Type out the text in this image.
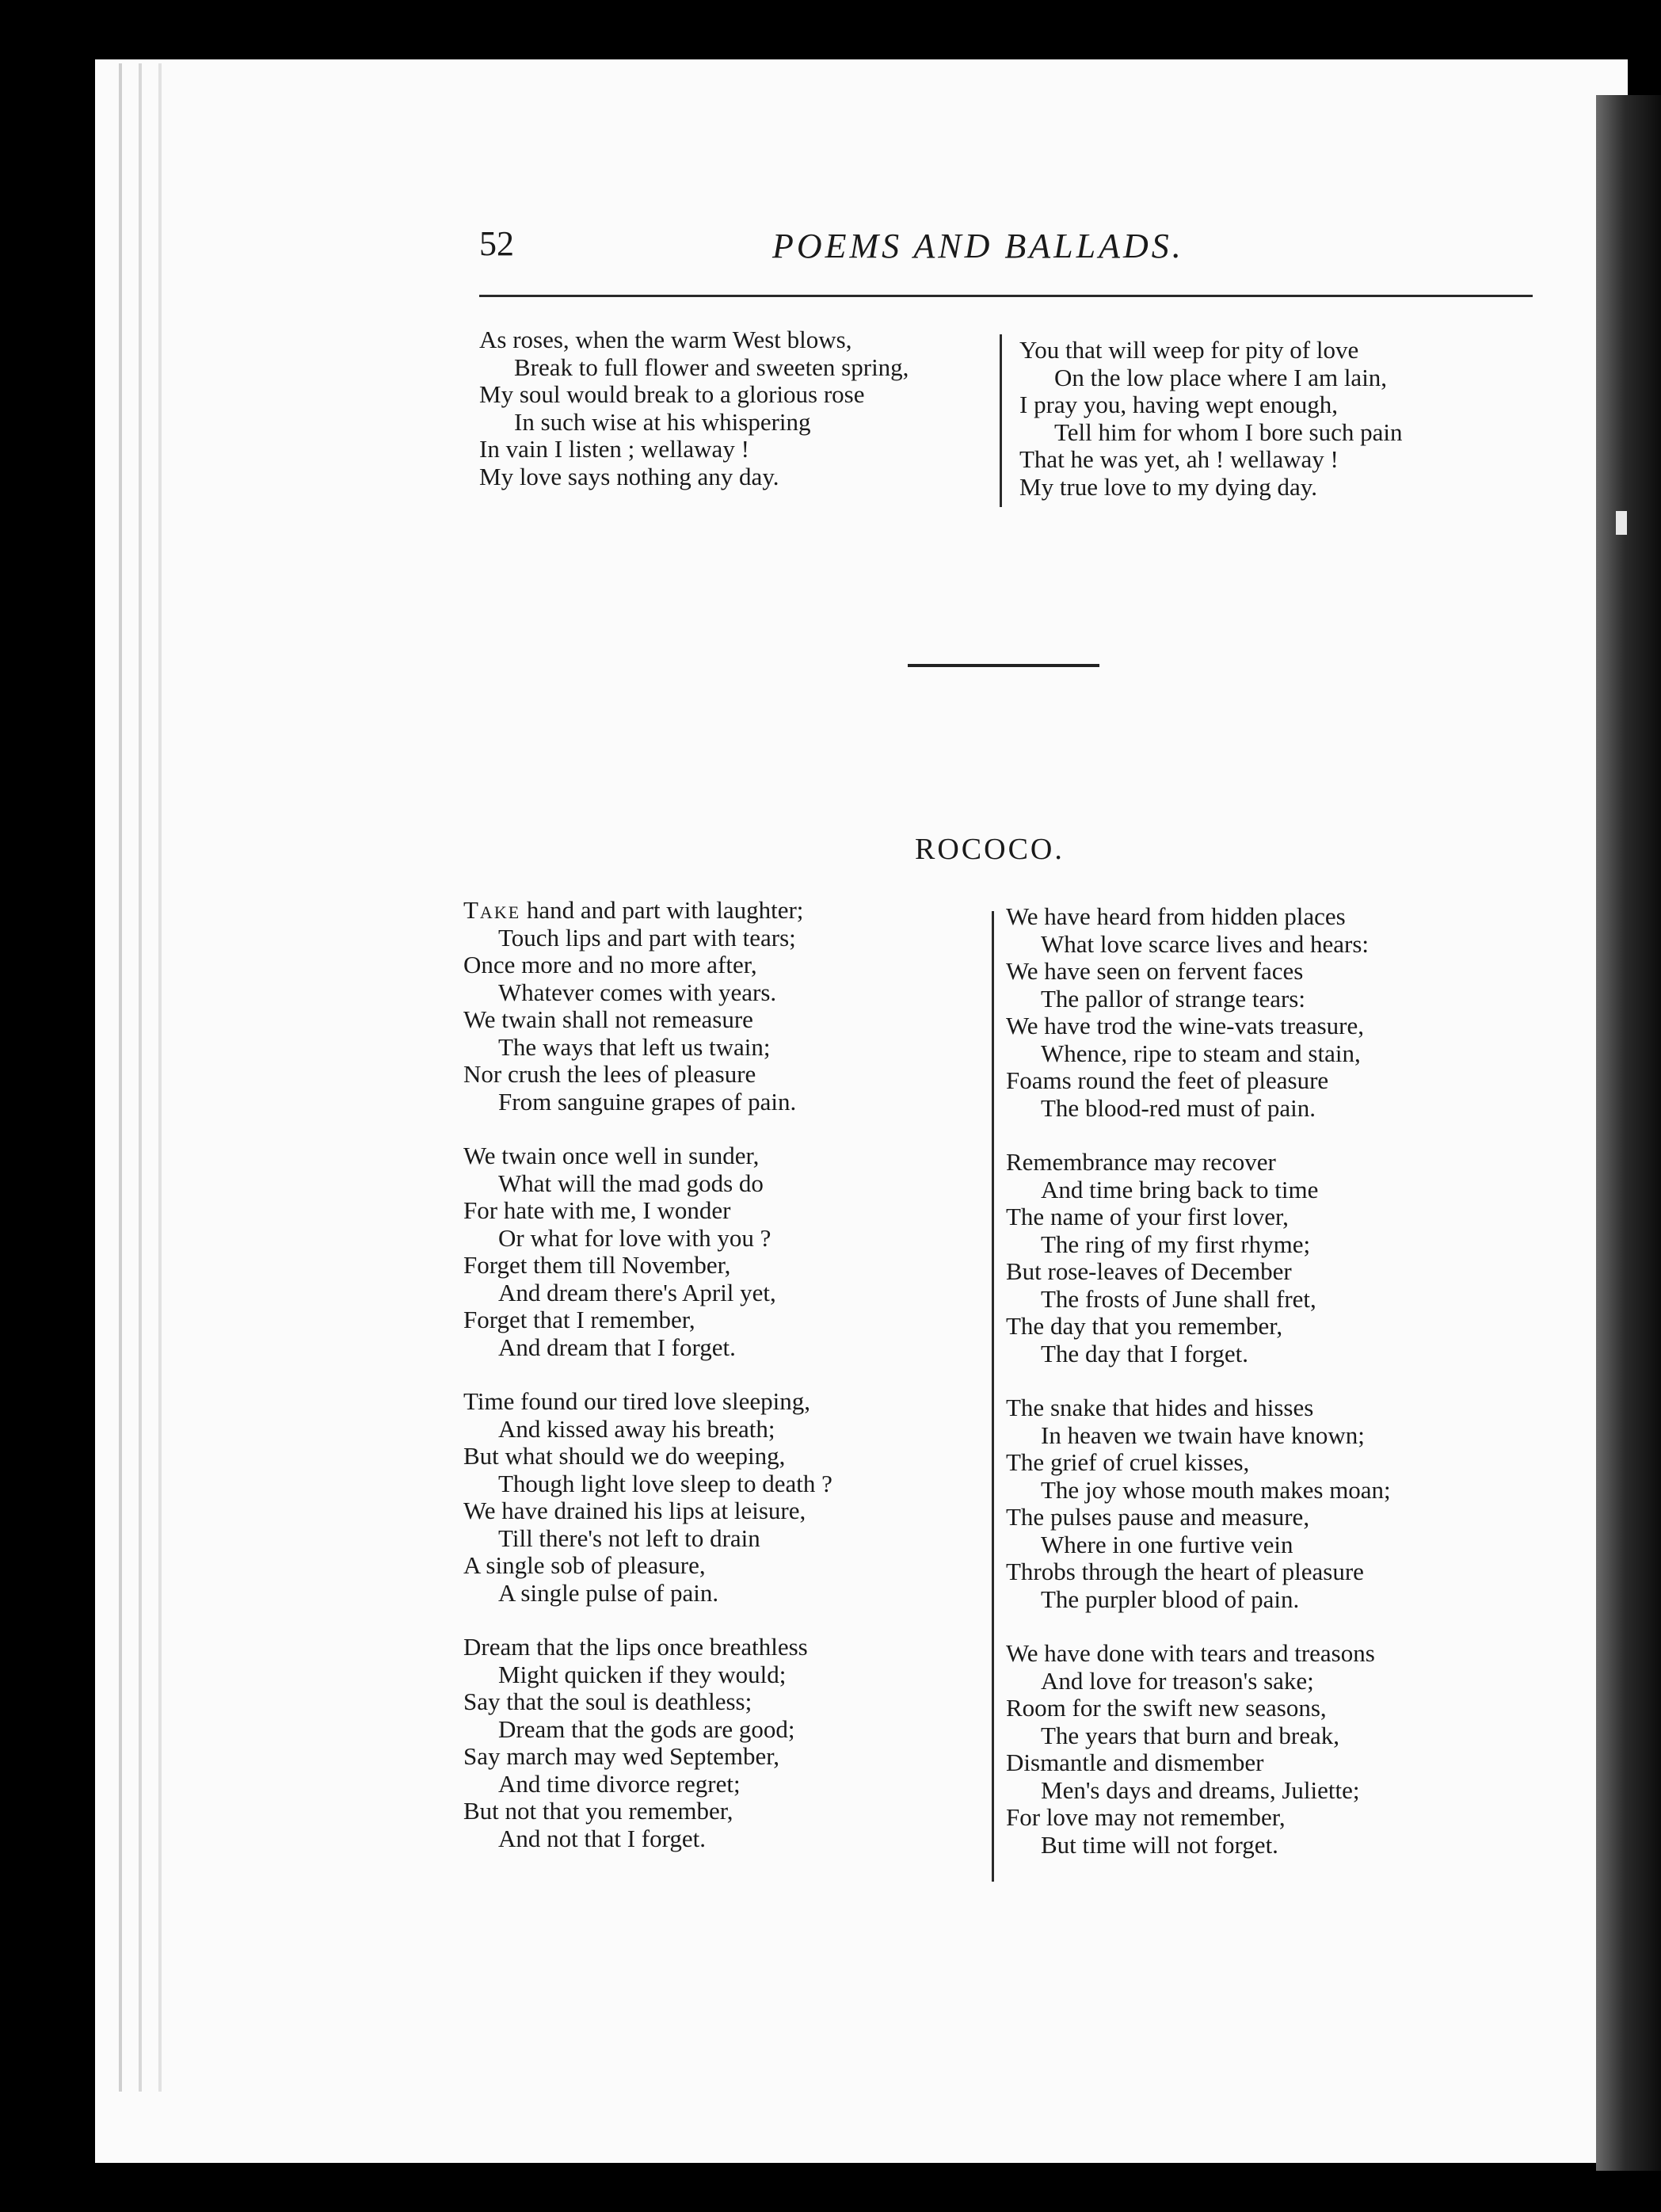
52	POEMS AND BALLADS.
As roses, when the warm West blows,
Break to full flower and sweeten spring,
My soul would break to a glorious rose
In such wise at his whispering
In vain I listen ; wellaway !
My love says nothing any day.
You that will weep for pity of love
On the low place where I am lain,
I pray you, having wept enough,
Tell him for whom I bore such pain
That he was yet, ah ! wellaway !
My true love to my dying day.
ROCOCO.
Take hand and part with laughter;
Touch lips and part with tears;
Once more and no more after,
Whatever comes with years.
We twain shall not remeasure
The ways that left us twain;
Nor crush the lees of pleasure
From sanguine grapes of pain.
We twain once well in sunder,
What will the mad gods do
For hate with me, I wonder
Or what for love with you ?
Forget them till November,
And dream there's April yet,
Forget that I remember,
And dream that I forget.
Time found our tired love sleeping,
And kissed away his breath;
But what should we do weeping,
Though light love sleep to death ?
We have drained his lips at leisure,
Till there's not left to drain
A single sob of pleasure,
A single pulse of pain.
Dream that the lips once breathless
Might quicken if they would;
Say that the soul is deathless;
Dream that the gods are good;
Say march may wed September,
And time divorce regret;
But not that you remember,
And not that I forget.
We have heard from hidden places
What love scarce lives and hears:
We have seen on fervent faces
The pallor of strange tears:
We have trod the wine-vats treasure,
Whence, ripe to steam and stain,
Foams round the feet of pleasure
The blood-red must of pain.
Remembrance may recover
And time bring back to time
The name of your first lover,
The ring of my first rhyme;
But rose-leaves of December
The frosts of June shall fret,
The day that you remember,
The day that I forget.
The snake that hides and hisses
In heaven we twain have known;
The grief of cruel kisses,
The joy whose mouth makes moan;
The pulses pause and measure,
Where in one furtive vein
Throbs through the heart of pleasure
The purpler blood of pain.
We have done with tears and treasons
And love for treason's sake;
Room for the swift new seasons,
The years that burn and break,
Dismantle and dismember
Men's days and dreams, Juliette;
For love may not remember,
But time will not forget.
